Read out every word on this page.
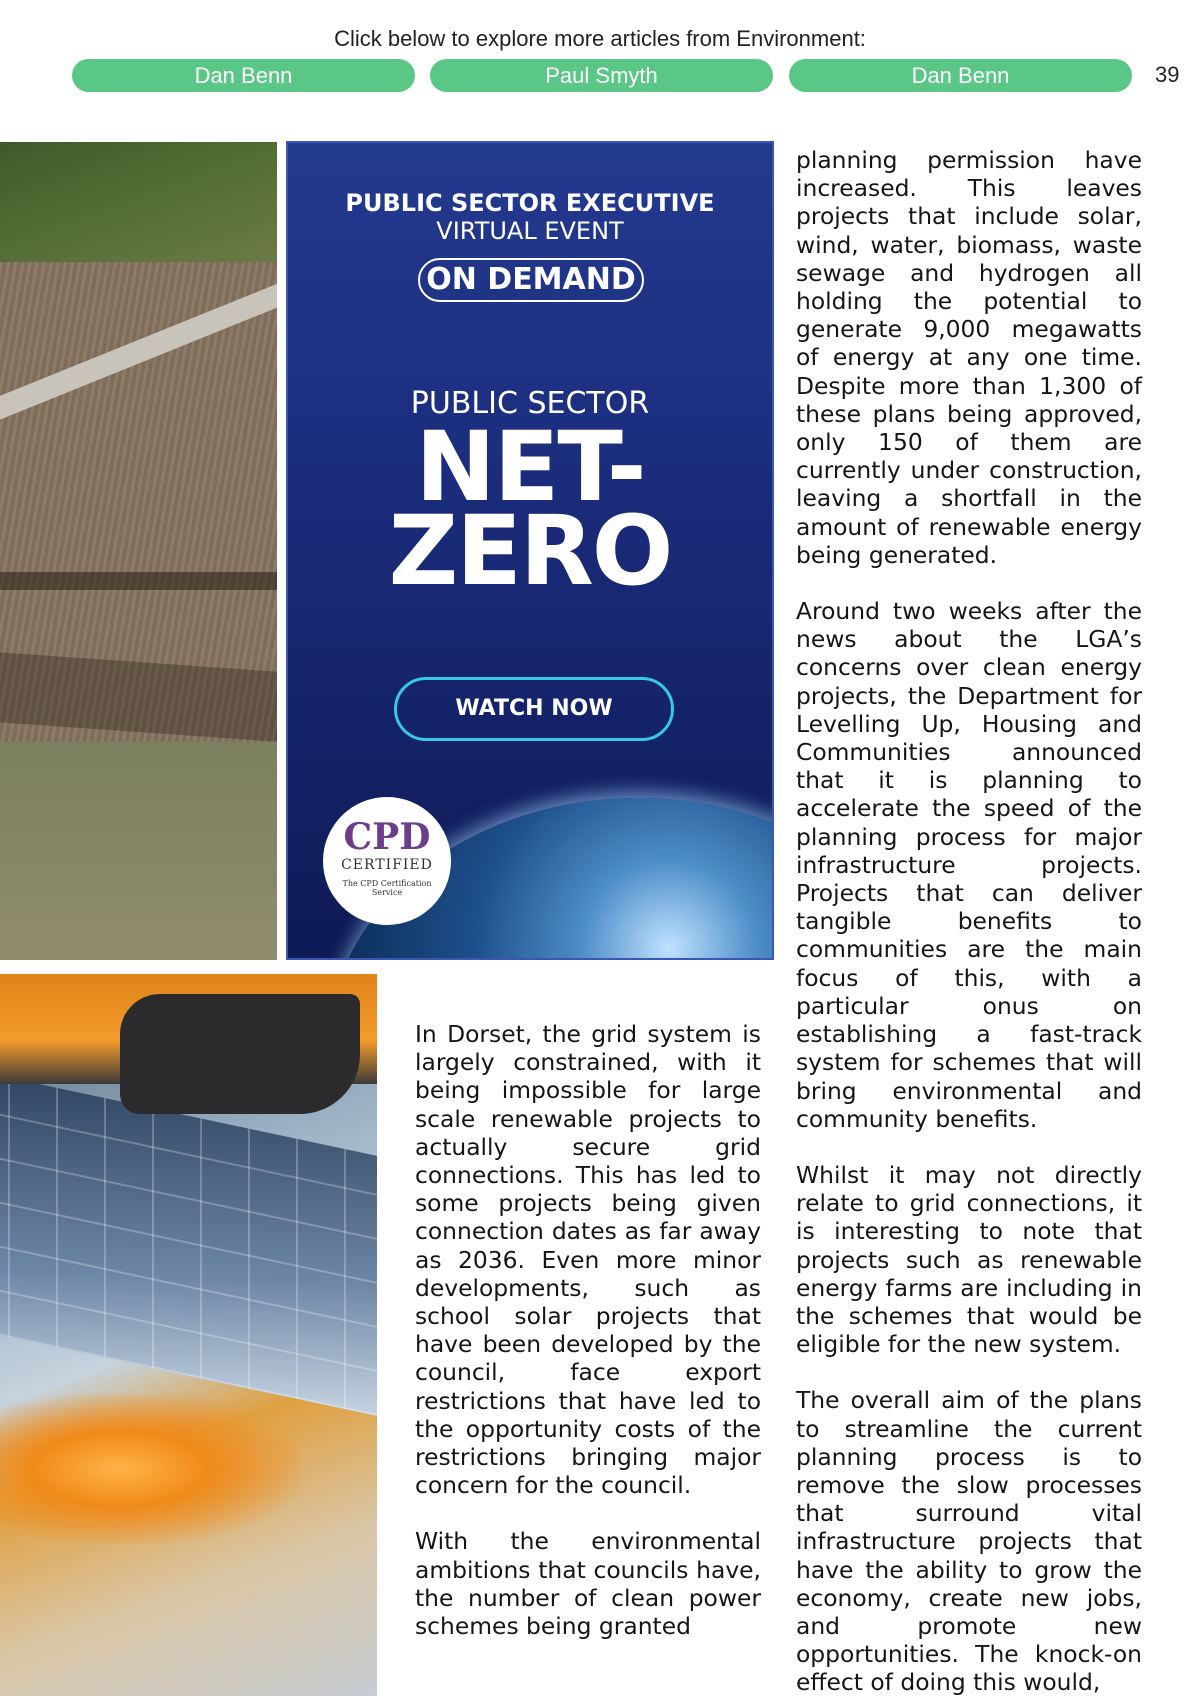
Click below to explore more articles from Environment:
Dan Benn	Paul Smyth	Dan Benn	39
PUBLIC SECTOR EXECUTIVE
VIRTUAL EVENT
ON DEMAND
PUBLIC SECTOR
NET-
ZERO
WATCH NOW
CPD
CERTIFIED
The CPD Certification Service

planning permission have increased. This leaves projects that include solar, wind, water, biomass, waste sewage and hydrogen all holding the potential to generate 9,000 megawatts of energy at any one time. Despite more than 1,300 of these plans being approved, only 150 of them are currently under construction, leaving a shortfall in the amount of renewable energy being generated.

Around two weeks after the news about the LGA’s concerns over clean energy projects, the Department for Levelling Up, Housing and Communities announced that it is planning to accelerate the speed of the planning process for major infrastructure projects. Projects that can deliver tangible benefits to communities are the main focus of this, with a particular onus on establishing a fast-track system for schemes that will bring environmental and community benefits.

Whilst it may not directly relate to grid connections, it is interesting to note that projects such as renewable energy farms are including in the schemes that would be eligible for the new system.

The overall aim of the plans to streamline the current planning process is to remove the slow processes that surround vital infrastructure projects that have the ability to grow the economy, create new jobs, and promote new opportunities. The knock-on effect of doing this would,

In Dorset, the grid system is largely constrained, with it being impossible for large scale renewable projects to actually secure grid connections. This has led to some projects being given connection dates as far away as 2036. Even more minor developments, such as school solar projects that have been developed by the council, face export restrictions that have led to the opportunity costs of the restrictions bringing major concern for the council.

With the environmental ambitions that councils have, the number of clean power schemes being granted
